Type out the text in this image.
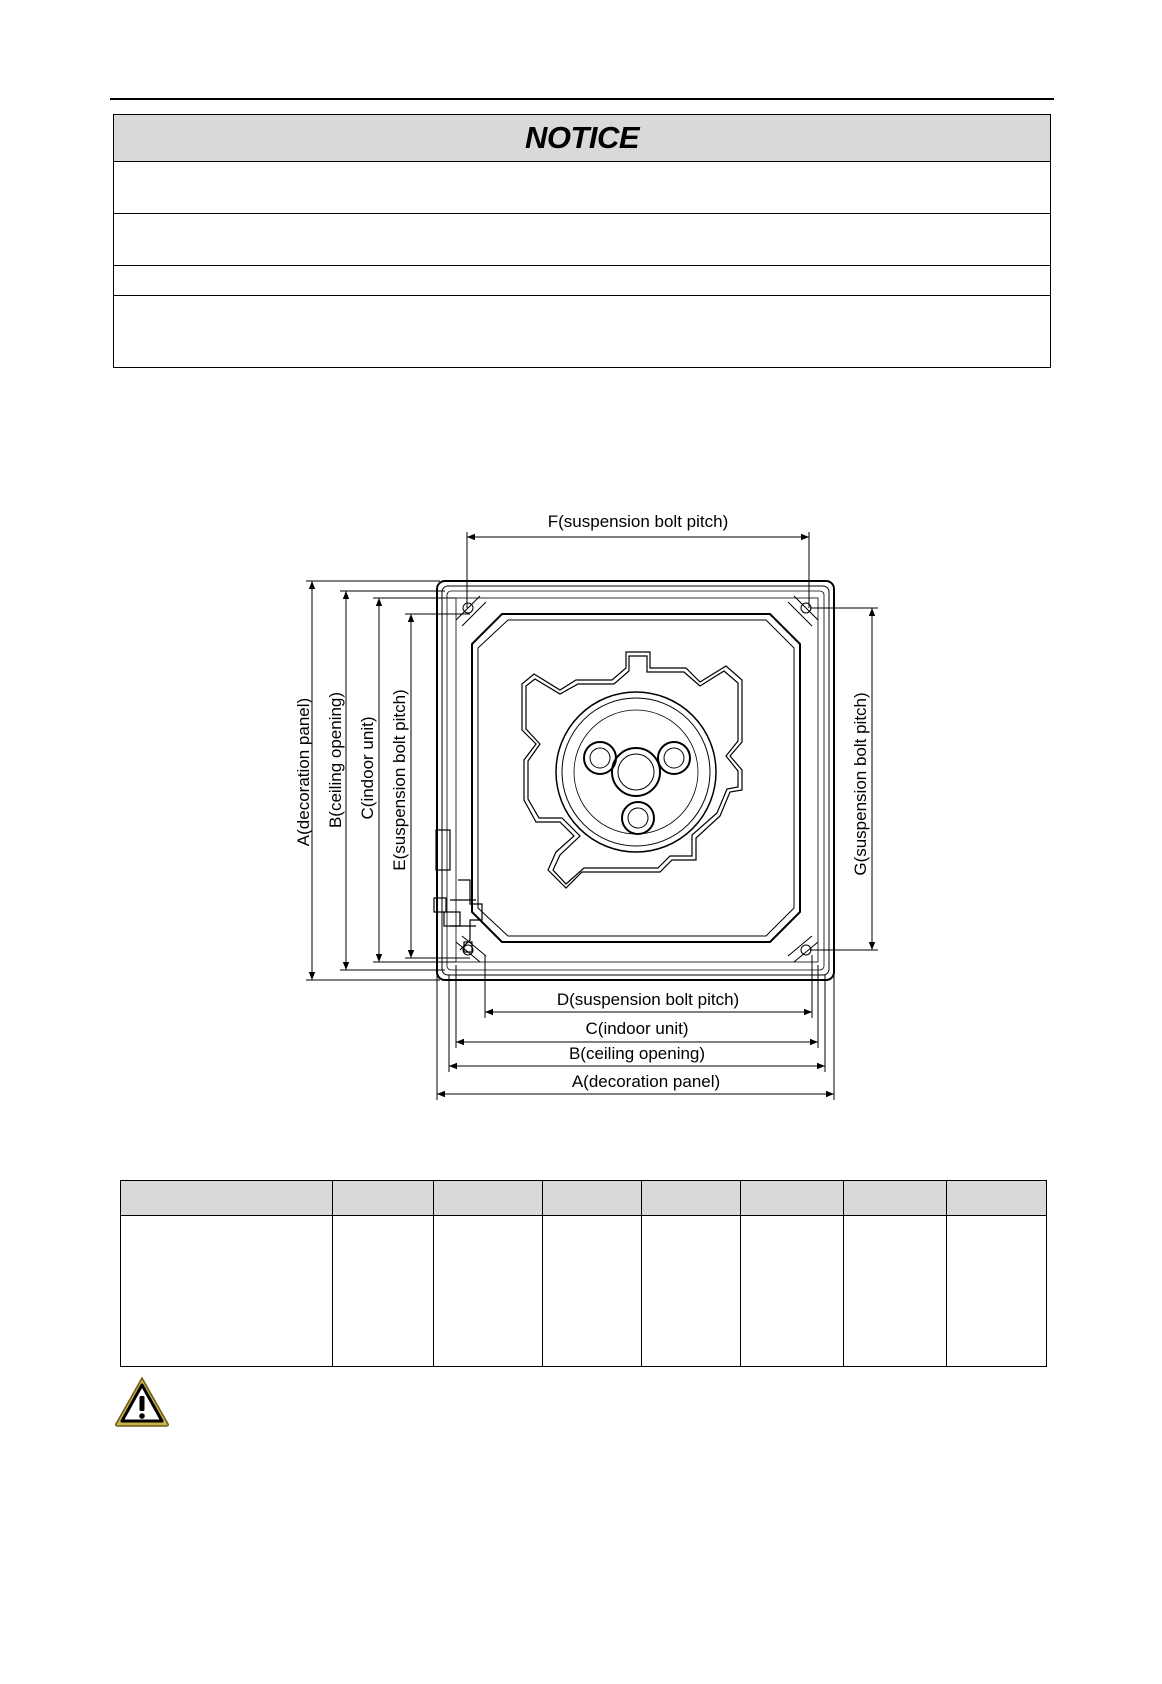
NOTICE
F(suspension bolt pitch)
D(suspension bolt pitch)
C(indoor unit)
B(ceiling opening)
A(decoration panel)
A(decoration panel) B(ceiling opening) C(indoor unit) E(suspension bolt pitch)	G(suspension bolt pitch)
